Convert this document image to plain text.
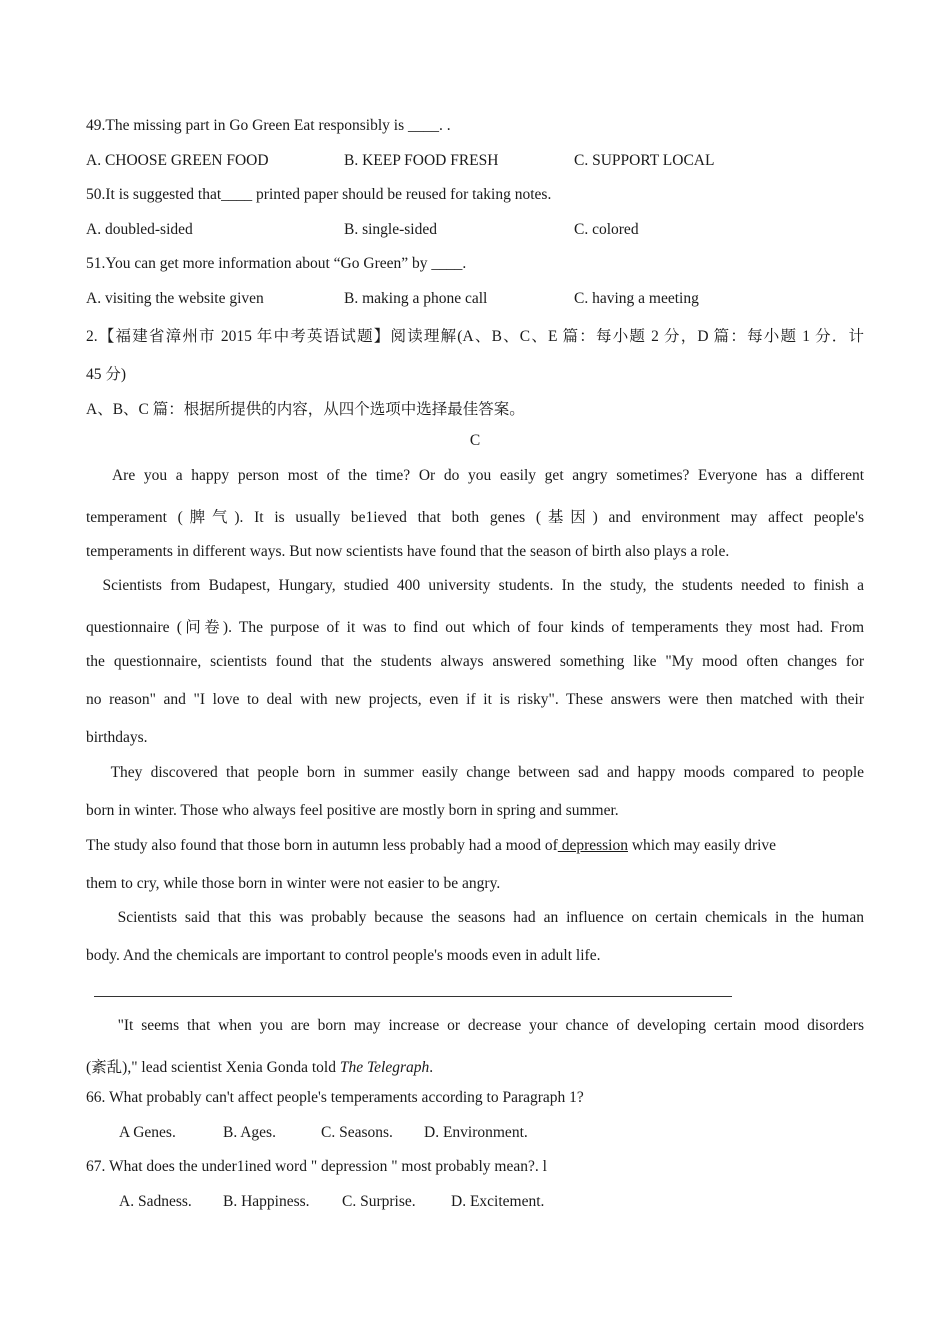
49.The missing part in Go Green Eat responsibly is ____. .
A. CHOOSE GREEN FOOD	B. KEEP FOOD FRESH	C. SUPPORT LOCAL
50.It is suggested that____ printed paper should be reused for taking notes.
A. doubled-sided	B. single-sided	C. colored
51.You can get more information about “Go Green” by ____.
A. visiting the website given	B. making a phone call	C. having a meeting
2.【福建省漳州市 2015 年中考英语试题】阅读理解(A、B、C、E 篇：每小题 2 分，D 篇：每小题 1 分．计
45 分)
A、B、C 篇：根据所提供的内容，从四个选项中选择最佳答案。
C
Are you a happy person most of the time? Or do you easily get angry sometimes? Everyone has a different
temperament (脾气). It is usually be1ieved that both genes (基因) and environment may affect people's
temperaments in different ways. But now scientists have found that the season of birth also plays a role.
Scientists from Budapest, Hungary, studied 400 university students. In the study, the students needed to finish a
questionnaire (问卷). The purpose of it was to find out which of four kinds of temperaments they most had. From
the questionnaire, scientists found that the students always answered something like "My mood often changes for
no reason" and "I love to deal with new projects, even if it is risky". These answers were then matched with their
birthdays.
They discovered that people born in summer easily change between sad and happy moods compared to people
born in winter. Those who always feel positive are mostly born in spring and summer.
The study also found that those born in autumn less probably had a mood of depression which may easily drive
them to cry, while those born in winter were not easier to be angry.
Scientists said that this was probably because the seasons had an influence on certain chemicals in the human
body. And the chemicals are important to control people's moods even in adult life.
"It seems that when you are born may increase or decrease your chance of developing certain mood disorders
(紊乱)," lead scientist Xenia Gonda told The Telegraph.
66. What probably can't affect people's temperaments according to Paragraph 1?
A Genes.	B. Ages.	C. Seasons. D. Environment.
67. What does the under1ined word " depression " most probably mean?. l
A. Sadness. B. Happiness. C. Surprise. D. Excitement.
